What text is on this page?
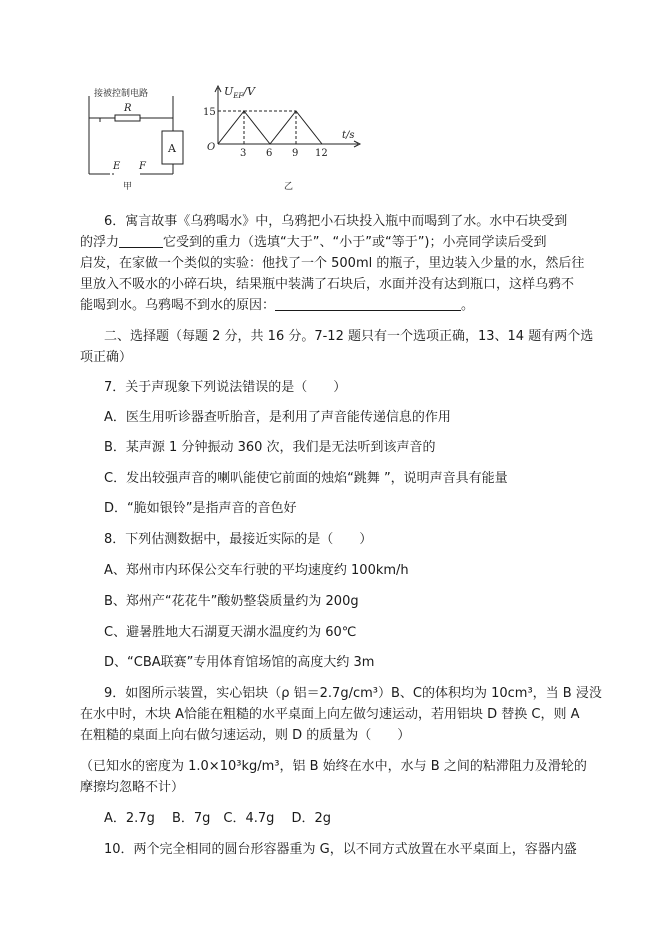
接被控制电路
R
A
E F
甲
$U_{EF}/V$
15
O
3 6 9 12
t/s
乙
6．寓言故事《乌鸦喝水》中，乌鸦把小石块投入瓶中而喝到了水。水中石块受到
的浮力	它受到的重力（选填“大于”、“小于”或“等于”)；小亮同学读后受到
启发，在家做一个类似的实验：他找了一个 500ml 的瓶子，里边装入少量的水，然后往
里放入不吸水的小碎石块，结果瓶中装满了石块后，水面并没有达到瓶口，这样乌鸦不
能喝到水。乌鸦喝不到水的原因：	。
二、选择题（每题 2 分，共 16 分。7-12 题只有一个选项正确，13、14 题有两个选
项正确）
7．关于声现象下列说法错误的是（　　）
A．医生用听诊器查听胎音，是利用了声音能传递信息的作用
B．某声源 1 分钟振动 360 次，我们是无法听到该声音的
C．发出较强声音的喇叭能使它前面的烛焰“跳舞 ”，说明声音具有能量
D．“脆如银铃”是指声音的音色好
8．下列估测数据中，最接近实际的是（　　）
A、郑州市内环保公交车行驶的平均速度约 100km/h
B、郑州产“花花牛”酸奶整袋质量约为 200g
C、避暑胜地大石湖夏天湖水温度约为 60℃
D、“CBA联赛”专用体育馆场馆的高度大约 3m
9．如图所示装置，实心铝块（ρ 铝＝2.7g/cm³）B、C的体积均为 10cm³，当 B 浸没
在水中时，木块 A恰能在粗糙的水平桌面上向左做匀速运动，若用铝块 D 替换 C，则 A
在粗糙的桌面上向右做匀速运动，则 D 的质量为（　　）
（已知水的密度为 1.0×10³kg/m³，铝 B 始终在水中，水与 B 之间的粘滞阻力及滑轮的
摩擦均忽略不计）
A．2.7g　 B．7g　C．4.7g　 D．2g
10．两个完全相同的圆台形容器重为 G，以不同方式放置在水平桌面上，容器内盛
